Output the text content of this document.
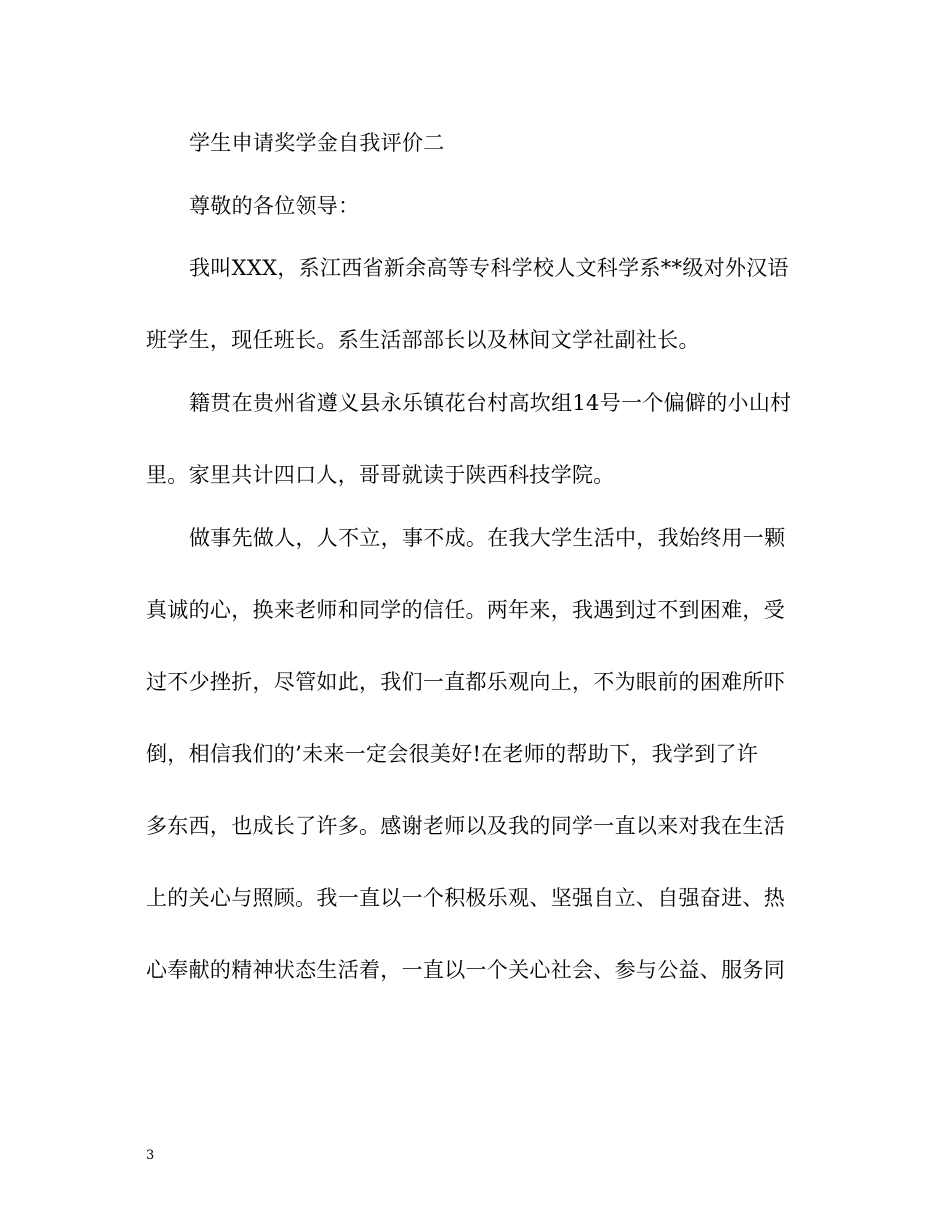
学生申请奖学金自我评价二
尊敬的各位领导：
我叫XXX，系江西省新余高等专科学校人文科学系**级对外汉语
班学生，现任班长。系生活部部长以及林间文学社副社长。
籍贯在贵州省遵义县永乐镇花台村高坎组14号一个偏僻的小山村
里。家里共计四口人，哥哥就读于陕西科技学院。
做事先做人，人不立，事不成。在我大学生活中，我始终用一颗
真诚的心，换来老师和同学的信任。两年来，我遇到过不到困难，受
过不少挫折，尽管如此，我们一直都乐观向上，不为眼前的困难所吓
倒，相信我们的’未来一定会很美好!在老师的帮助下，我学到了许
多东西，也成长了许多。感谢老师以及我的同学一直以来对我在生活
上的关心与照顾。我一直以一个积极乐观、坚强自立、自强奋进、热
心奉献的精神状态生活着，一直以一个关心社会、参与公益、服务同
3
